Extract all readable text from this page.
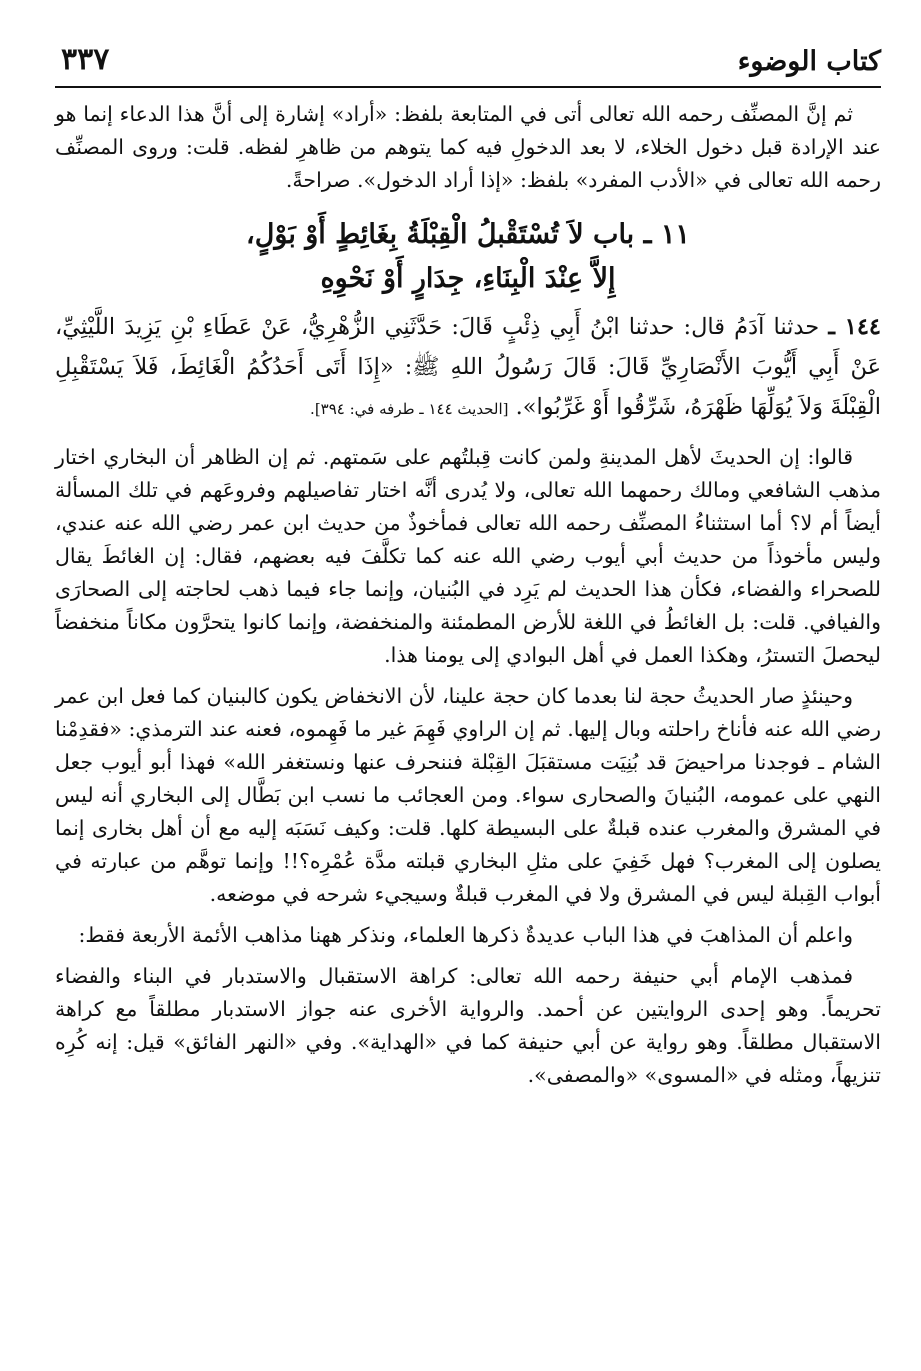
كتاب الوضوء
٣٣٧

ثم إنَّ المصنِّف رحمه الله تعالى أتى في المتابعة بلفظ: «أراد» إشارة إلى أنَّ هذا الدعاء إنما هو عند الإرادة قبل دخول الخلاء، لا بعد الدخولِ فيه كما يتوهم من ظاهرِ لفظه. قلت: وروى المصنِّف رحمه الله تعالى في «الأدب المفرد» بلفظ: «إذا أراد الدخول». صراحةً.

١١ ـ باب لاَ تُسْتَقْبلُ الْقِبْلَةُ بِغَائِطٍ أَوْ بَوْلٍ،
إِلاَّ عِنْدَ الْبِنَاءِ، جِدَارٍ أَوْ نَحْوِهِ

١٤٤ ـ حدثنا آدَمُ قال: حدثنا ابْنُ أَبِي ذِئْبٍ قَالَ: حَدَّثَنِي الزُّهْرِيُّ، عَنْ عَطَاءِ بْنِ يَزِيدَ اللَّيْثِيِّ، عَنْ أَبِي أَيُّوبَ الأَنْصَارِيِّ قَالَ: قَالَ رَسُولُ اللهِ ﷺ: «إِذَا أَتَى أَحَدُكُمُ الْغَائِطَ، فَلاَ يَسْتَقْبِلِ الْقِبْلَةَ وَلاَ يُوَلِّهَا ظَهْرَهُ، شَرِّقُوا أَوْ غَرِّبُوا». [الحديث ١٤٤ ـ طرفه في: ٣٩٤].

قالوا: إن الحديثَ لأهل المدينةِ ولمن كانت قِبلتُهم على سَمتهم. ثم إن الظاهر أن البخاري اختار مذهب الشافعي ومالك رحمهما الله تعالى، ولا يُدرى أنَّه اختار تفاصيلهم وفروعَهم في تلك المسألة أيضاً أم لا؟ أما استثناءُ المصنِّف رحمه الله تعالى فمأخوذٌ من حديث ابن عمر رضي الله عنه عندي، وليس مأخوذاً من حديث أبي أيوب رضي الله عنه كما تكلَّفَ فيه بعضهم، فقال: إن الغائطَ يقال للصحراء والفضاء، فكأن هذا الحديث لم يَرِد في البُنيان، وإنما جاء فيما ذهب لحاجته إلى الصحارَى والفيافي. قلت: بل الغائطُ في اللغة للأرض المطمئنة والمنخفضة، وإنما كانوا يتحرَّون مكاناً منخفضاً ليحصلَ التسترُ، وهكذا العمل في أهل البوادي إلى يومنا هذا.

وحينئذٍ صار الحديثُ حجة لنا بعدما كان حجة علينا، لأن الانخفاض يكون كالبنيان كما فعل ابن عمر رضي الله عنه فأناخ راحلته وبال إليها. ثم إن الراوي فَهِمَ غير ما فَهِموه، فعنه عند الترمذي: «فقدِمْنا الشام ـ فوجدنا مراحيضَ قد بُنِيَت مستقبَلَ القِبْلة فننحرف عنها ونستغفر الله» فهذا أبو أيوب جعل النهي على عمومه، البُنيانَ والصحارى سواء. ومن العجائب ما نسب ابن بَطَّال إلى البخاري أنه ليس في المشرق والمغرب عنده قبلةٌ على البسيطة كلها. قلت: وكيف نَسَبَه إليه مع أن أهل بخارى إنما يصلون إلى المغرب؟ فهل خَفِيَ على مثلِ البخاري قبلته مدَّة عُمْرِه؟!! وإنما توهَّم من عبارته في أبواب القِبلة ليس في المشرق ولا في المغرب قبلةٌ وسيجيء شرحه في موضعه.

واعلم أن المذاهبَ في هذا الباب عديدةٌ ذكرها العلماء، ونذكر ههنا مذاهب الأئمة الأربعة فقط:

فمذهب الإمام أبي حنيفة رحمه الله تعالى: كراهة الاستقبال والاستدبار في البناء والفضاء تحريماً. وهو إحدى الروايتين عن أحمد. والرواية الأخرى عنه جواز الاستدبار مطلقاً مع كراهة الاستقبال مطلقاً. وهو رواية عن أبي حنيفة كما في «الهداية». وفي «النهر الفائق» قيل: إنه كُرِه تنزيهاً، ومثله في «المسوى» «والمصفى».
